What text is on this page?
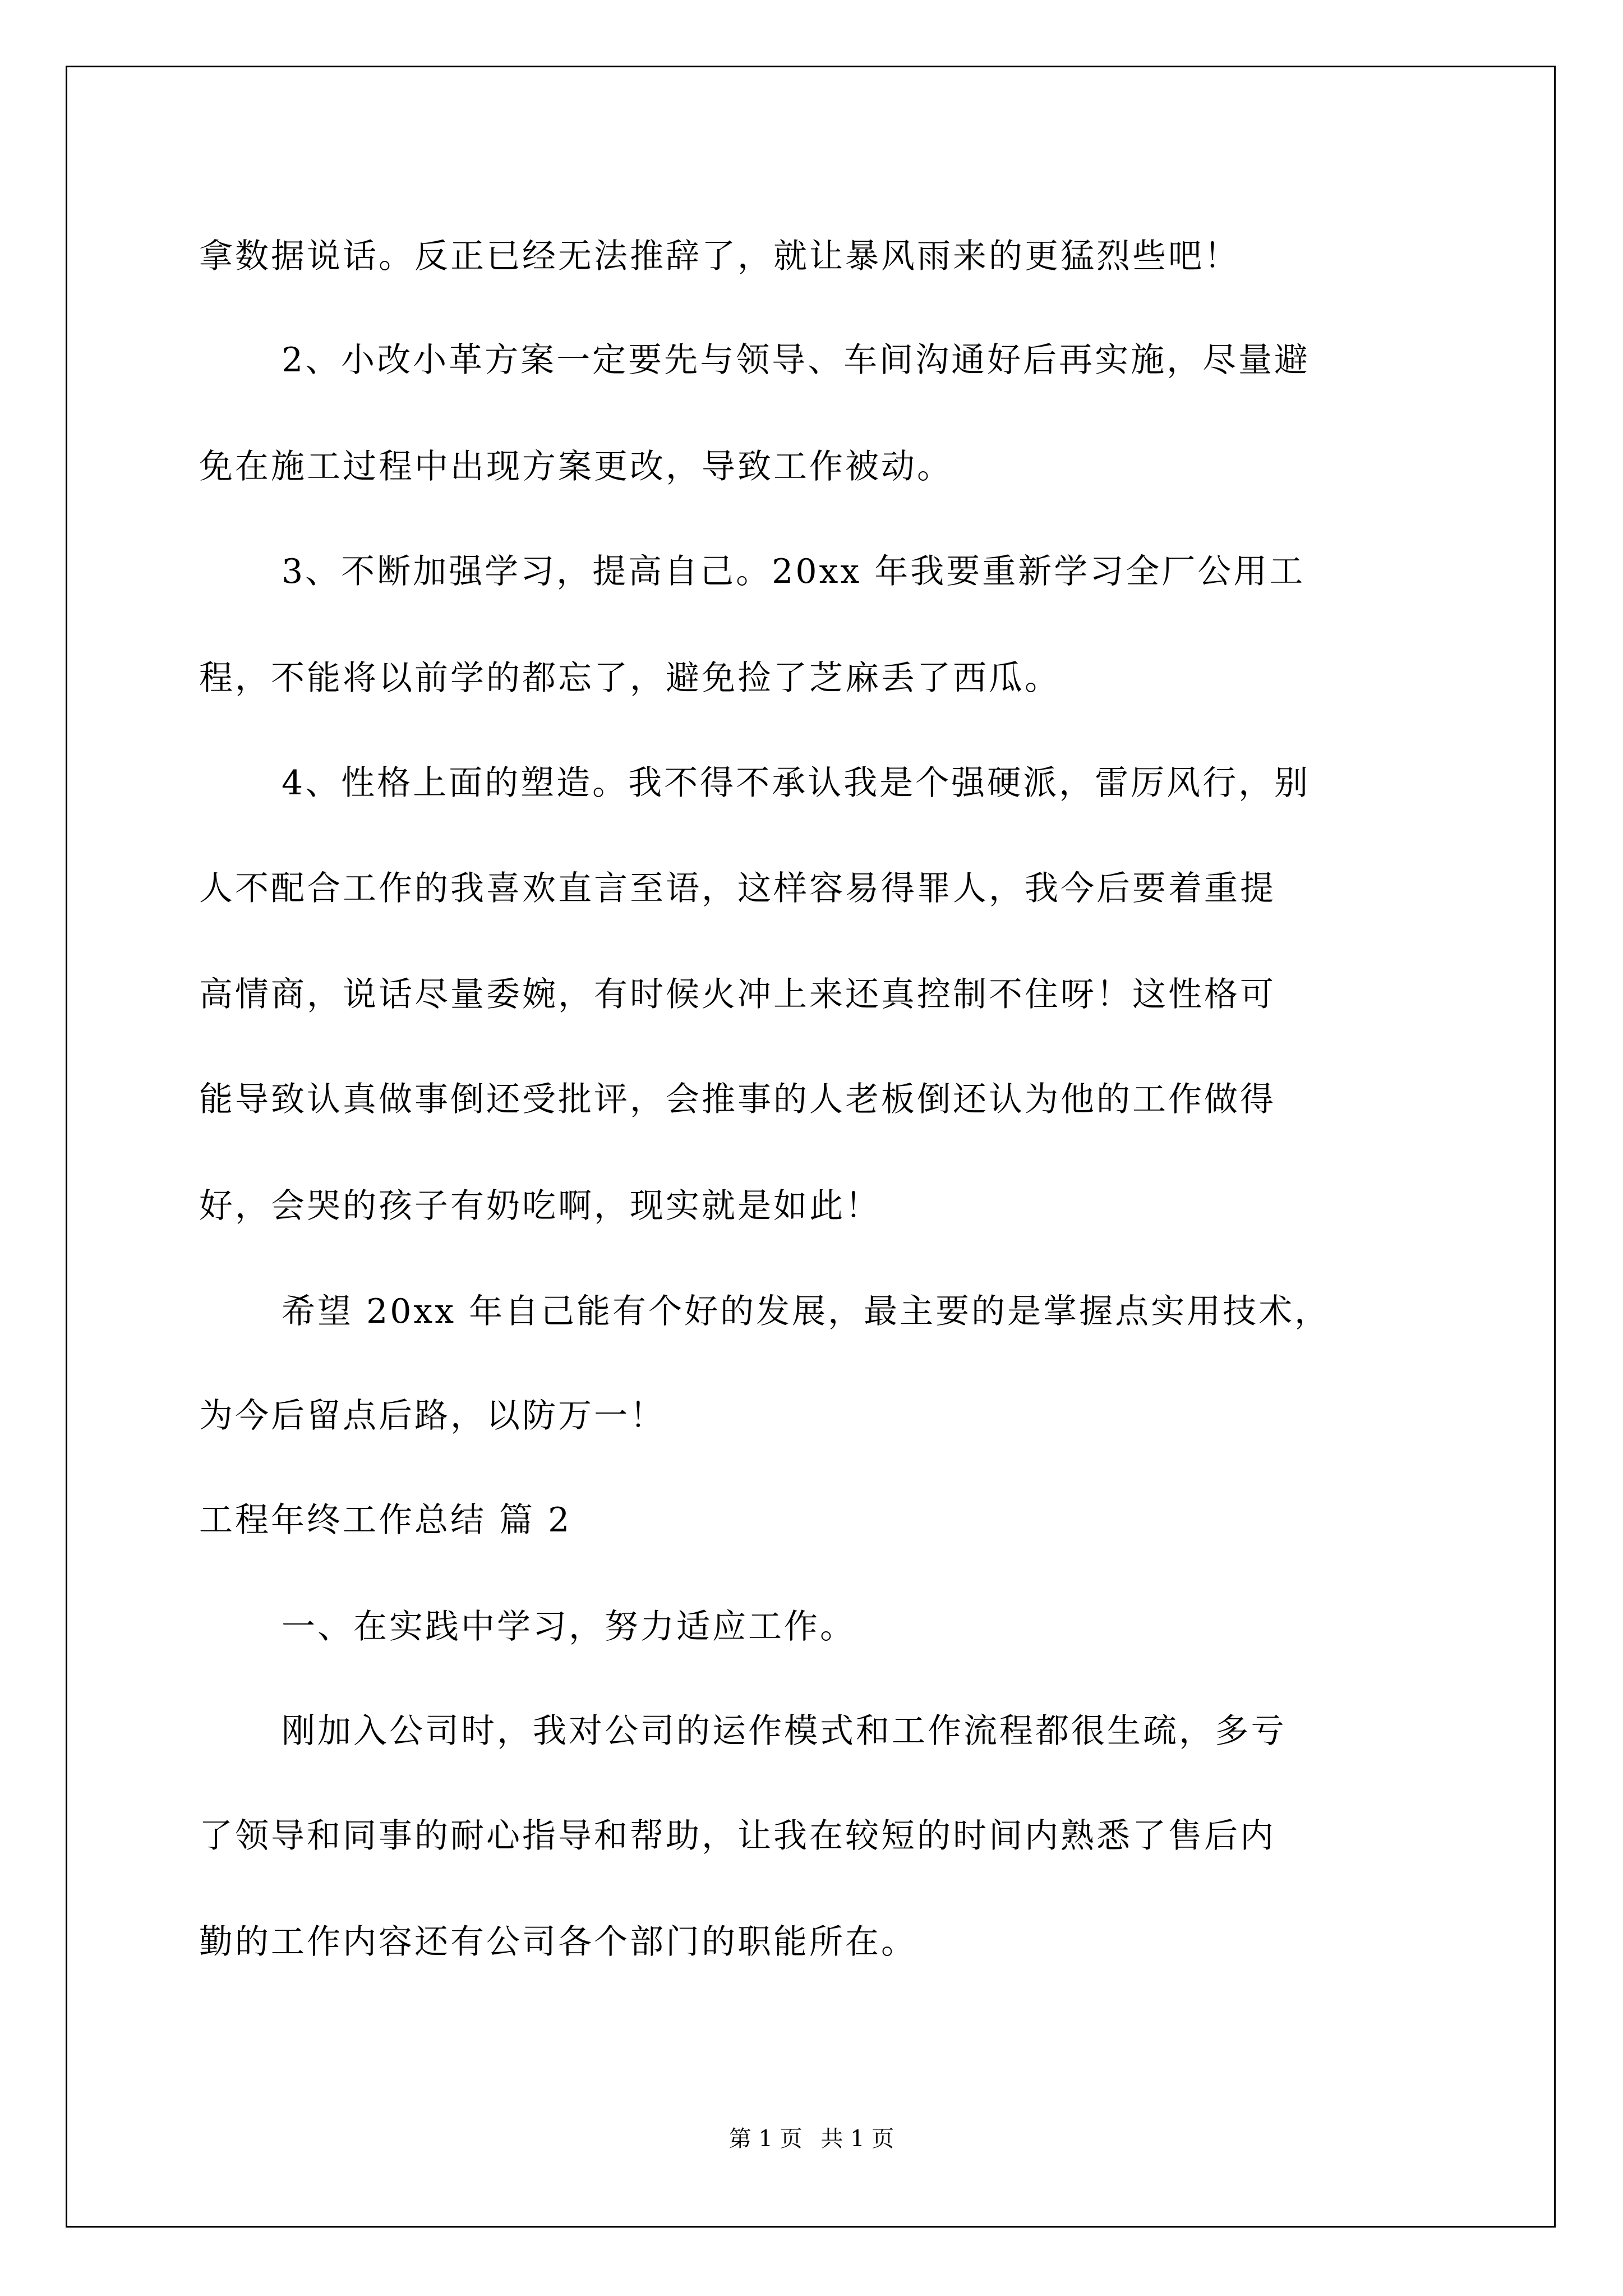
拿数据说话。反正已经无法推辞了，就让暴风雨来的更猛烈些吧！
2、小改小革方案一定要先与领导、车间沟通好后再实施，尽量避
免在施工过程中出现方案更改，导致工作被动。
3、不断加强学习，提高自己。20xx 年我要重新学习全厂公用工
程，不能将以前学的都忘了，避免捡了芝麻丢了西瓜。
4、性格上面的塑造。我不得不承认我是个强硬派，雷厉风行，别
人不配合工作的我喜欢直言至语，这样容易得罪人，我今后要着重提
高情商，说话尽量委婉，有时候火冲上来还真控制不住呀！这性格可
能导致认真做事倒还受批评，会推事的人老板倒还认为他的工作做得
好，会哭的孩子有奶吃啊，现实就是如此！
希望 20xx 年自己能有个好的发展，最主要的是掌握点实用技术，
为今后留点后路，以防万一！
工程年终工作总结 篇 2
一、在实践中学习，努力适应工作。
刚加入公司时，我对公司的运作模式和工作流程都很生疏，多亏
了领导和同事的耐心指导和帮助，让我在较短的时间内熟悉了售后内
勤的工作内容还有公司各个部门的职能所在。
第 1 页 共 1 页
